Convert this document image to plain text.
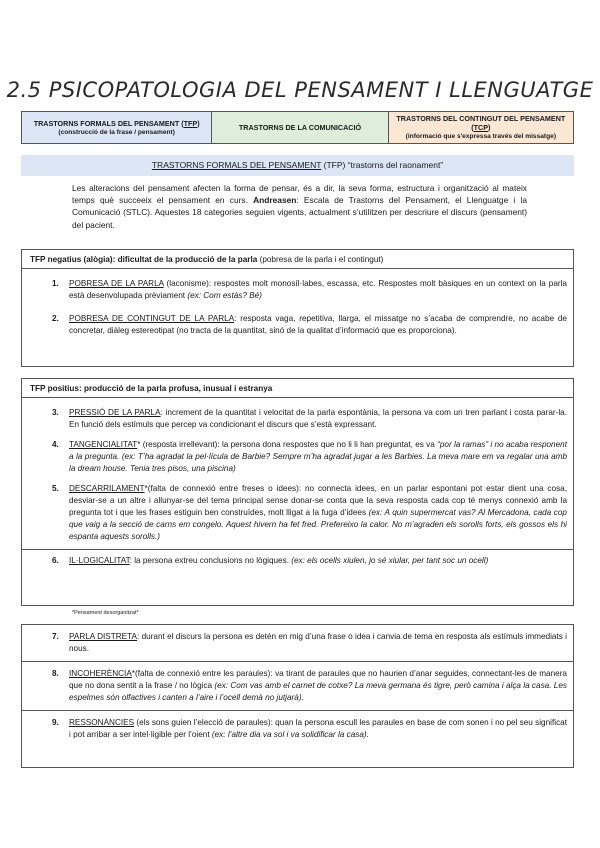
2.5 PSICOPATOLOGIA DEL PENSAMENT I LLENGUATGE
TRASTORNS FORMALS DEL PENSAMENT (TFP)
(construcció de la frase / pensament)	TRASTORNS DE LA COMUNICACIÓ
TRASTORNS DEL CONTINGUT DEL PENSAMENT (TCP)
(informació que s'expressa través del missatge)
TRASTORNS FORMALS DEL PENSAMENT (TFP) “trastorns del raonament”
Les alteracions del pensament afecten la forma de pensar, és a dir, la seva forma, estructura i organització al mateix temps què succeeix el pensament en curs. Andreasen: Escala de Trastorns del Pensament, el Llenguatge i la Comunicació (STLC). Aquestes 18 categories seguien vigents, actualment s’utilitzen per descriure el discurs (pensament) del pacient.
TFP negatius (alògia): dificultat de la producció de la parla (pobresa de la parla i el contingut)
1. POBRESA DE LA PARLA (laconisme): respostes molt monosíl·labes, escassa, etc. Respostes molt bàsiques en un context on la parla està desenvolupada prèviament (ex: Com estàs? Bé)
2. POBRESA DE CONTINGUT DE LA PARLA: resposta vaga, repetitiva, llarga, el missatge no s’acaba de comprendre, no acabe de concretar, diàleg estereotipat (no tracta de la quantitat, sinó de la qualitat d’informació que es proporciona).
TFP positius: producció de la parla profusa, inusual i estranya
3. PRESSIÓ DE LA PARLA: increment de la quantitat i velocitat de la parla espontània, la persona va com un tren parlant i costa parar-la. En funció dels estímuls que percep va condicionant el discurs que s’està expressant.
4. TANGENCIALITAT* (resposta irrellevant): la persona dona respostes que no li li han preguntat, es va “por la ramas” i no acaba responent a la pregunta. (ex: T’ha agradat la pel·lícula de Barbie? Sempre m’ha agradat jugar a les Barbies. La meva mare em va regalar una amb la dream house. Tenia tres pisos, una piscina)
5. DESCARRILAMENT*(falta de connexió entre freses o idees): no connecta idees, en un parlar espontani pot estar dient una cosa, desviar-se a un altre i allunyar-se del tema principal sense donar-se conta que la seva resposta cada cop té menys connexió amb la pregunta tot i que les frases estiguin ben construïdes, molt lligat a la fuga d’idees (ex: A quin supermercat vas? Al Mercadona, cada cop que vaig a la secció de carns em congelo. Aquest hivern ha fet fred. Prefereixo la calor. No m’agraden els sorolls forts, els gossos els hi espanta aquests sorolls.)
6. IL·LOGICALITAT: la persona extreu conclusions no lògiques. (ex: els ocells xiulen, jo sé xiular, per tant soc un ocell)
*Pensament desorganitzat*
7. PARLA DISTRETA: durant el discurs la persona es detén en mig d’una frase o idea i canvia de tema en resposta als estímuls immediats i nous.
8. INCOHERÈNCIA*(falta de connexió entre les paraules): va tirant de paraules que no haurien d’anar seguides, connectant-les de manera que no dona sentit a la frase / no lògica (ex: Com vas amb el carnet de cotxe? La meva germana és tigre, però camina i alça la casa. Les espelmes són olfactives i canten a l’aire i l’ocell demà no jutjarà).
9. RESSONÀNCIES (els sons guien l’elecció de paraules): quan la persona escull les paraules en base de com sonen i no pel seu significat i pot arribar a ser intel·ligible per l’oient (ex: l’altre dia va sol i va solidificar la casa).
